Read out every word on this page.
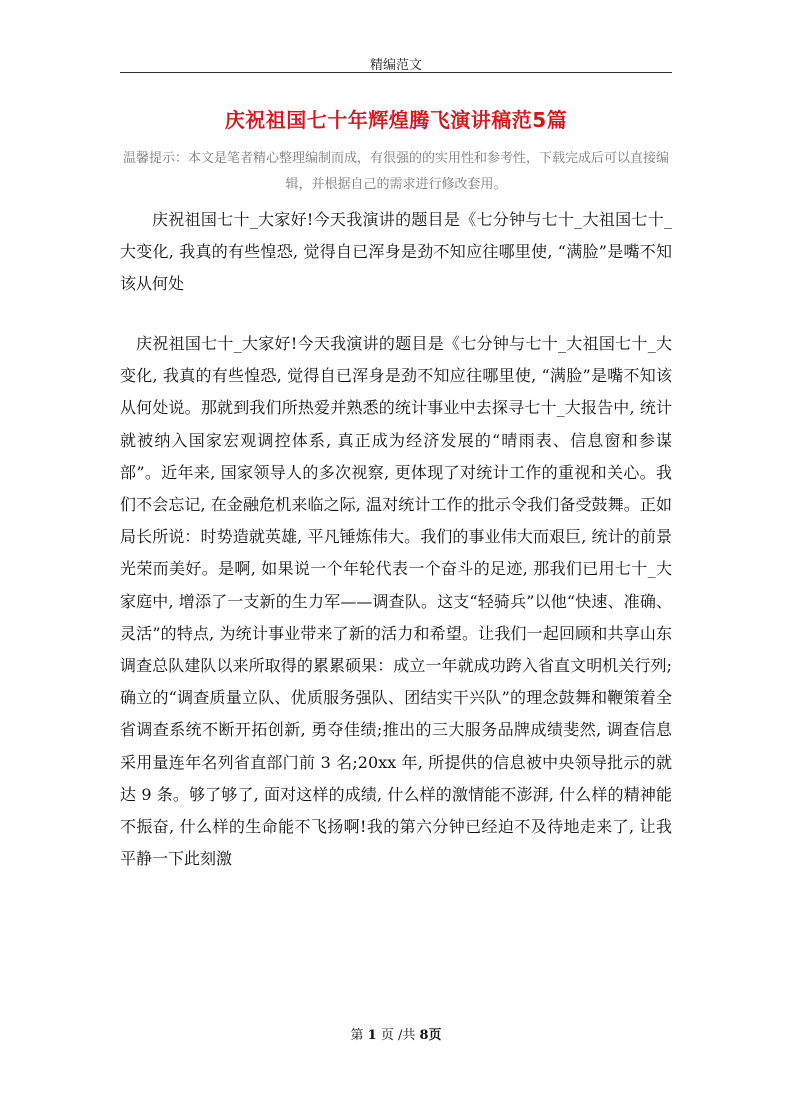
精编范文
庆祝祖国七十年辉煌腾飞演讲稿范5篇
温馨提示：本文是笔者精心整理编制而成，有很强的的实用性和参考性，下载完成后可以直接编辑，并根据自己的需求进行修改套用。
庆祝祖国七十_大家好!今天我演讲的题目是《七分钟与七十_大祖国七十_大变化, 我真的有些惶恐, 觉得自已浑身是劲不知应往哪里使, “满脸”是嘴不知该从何处
庆祝祖国七十_大家好!今天我演讲的题目是《七分钟与七十_大祖国七十_大变化, 我真的有些惶恐, 觉得自已浑身是劲不知应往哪里使, “满脸”是嘴不知该从何处说。那就到我们所热爱并熟悉的统计事业中去探寻七十_大报告中, 统计就被纳入国家宏观调控体系, 真正成为经济发展的“晴雨表、信息窗和参谋部”。近年来, 国家领导人的多次视察, 更体现了对统计工作的重视和关心。我们不会忘记, 在金融危机来临之际, 温对统计工作的批示令我们备受鼓舞。正如局长所说：时势造就英雄, 平凡锤炼伟大。我们的事业伟大而艰巨, 统计的前景光荣而美好。是啊, 如果说一个年轮代表一个奋斗的足迹, 那我们已用七十_大家庭中, 增添了一支新的生力军——调查队。这支“轻骑兵”以他“快速、准确、灵活”的特点, 为统计事业带来了新的活力和希望。让我们一起回顾和共享山东调查总队建队以来所取得的累累硕果：成立一年就成功跨入省直文明机关行列;确立的“调查质量立队、优质服务强队、团结实干兴队”的理念鼓舞和鞭策着全省调查系统不断开拓创新, 勇夺佳绩;推出的三大服务品牌成绩斐然, 调查信息采用量连年名列省直部门前 3 名;20xx 年, 所提供的信息被中央领导批示的就达 9 条。够了够了, 面对这样的成绩, 什么样的激情能不澎湃, 什么样的精神能不振奋, 什么样的生命能不飞扬啊!我的第六分钟已经迫不及待地走来了, 让我平静一下此刻激
第 1 页 /共 8页
